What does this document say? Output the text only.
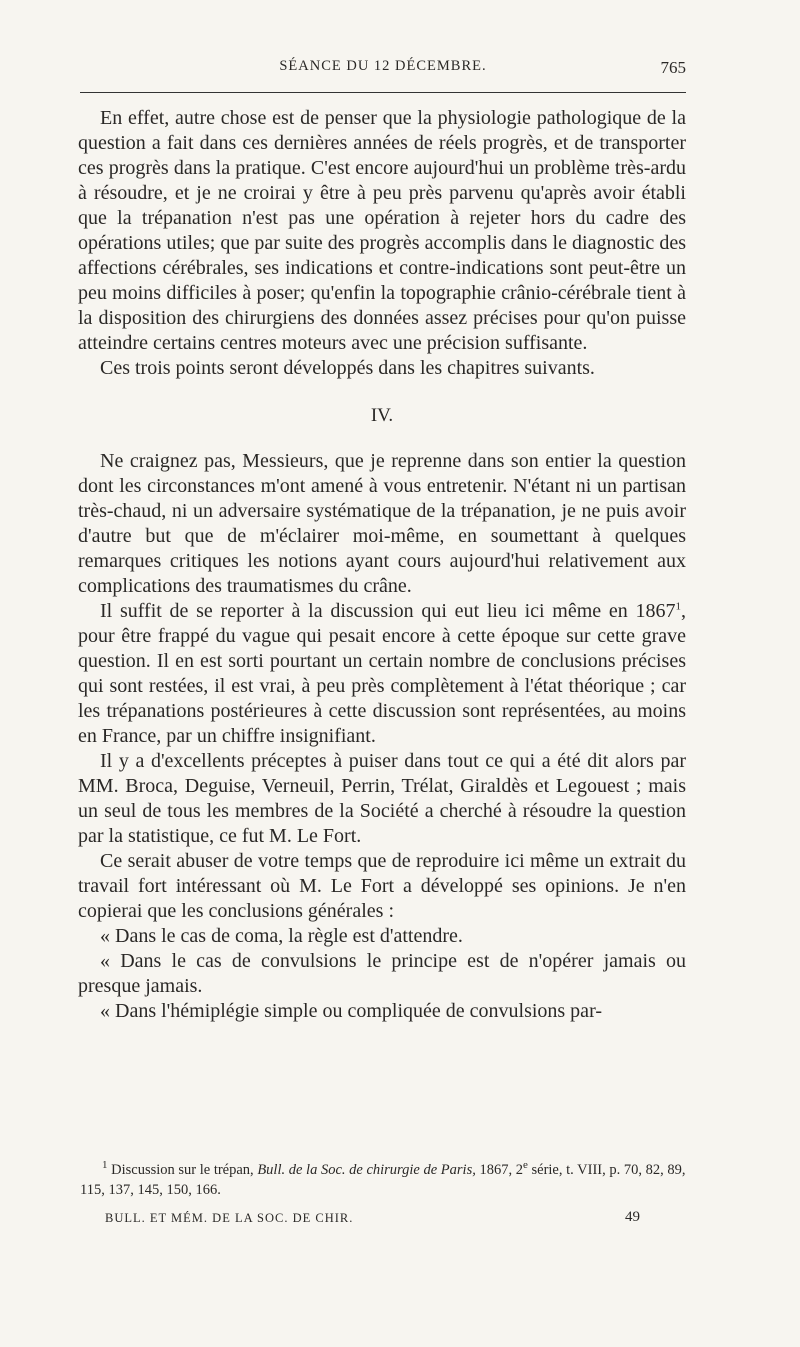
SÉANCE DU 12 DÉCEMBRE.	765

En effet, autre chose est de penser que la physiologie pathologique de la question a fait dans ces dernières années de réels progrès, et de transporter ces progrès dans la pratique. C'est encore aujourd'hui un problème très-ardu à résoudre, et je ne croirai y être à peu près parvenu qu'après avoir établi que la trépanation n'est pas une opération à rejeter hors du cadre des opérations utiles; que par suite des progrès accomplis dans le diagnostic des affections cérébrales, ses indications et contre-indications sont peut-être un peu moins difficiles à poser; qu'enfin la topographie crânio-cérébrale tient à la disposition des chirurgiens des données assez précises pour qu'on puisse atteindre certains centres moteurs avec une précision suffisante.

Ces trois points seront développés dans les chapitres suivants.

IV.

Ne craignez pas, Messieurs, que je reprenne dans son entier la question dont les circonstances m'ont amené à vous entretenir. N'étant ni un partisan très-chaud, ni un adversaire systématique de la trépanation, je ne puis avoir d'autre but que de m'éclairer moi-même, en soumettant à quelques remarques critiques les notions ayant cours aujourd'hui relativement aux complications des traumatismes du crâne.

Il suffit de se reporter à la discussion qui eut lieu ici même en 1867$^1$, pour être frappé du vague qui pesait encore à cette époque sur cette grave question. Il en est sorti pourtant un certain nombre de conclusions précises qui sont restées, il est vrai, à peu près complètement à l'état théorique ; car les trépanations postérieures à cette discussion sont représentées, au moins en France, par un chiffre insignifiant.

Il y a d'excellents préceptes à puiser dans tout ce qui a été dit alors par MM. Broca, Deguise, Verneuil, Perrin, Trélat, Giraldès et Legouest ; mais un seul de tous les membres de la Société a cherché à résoudre la question par la statistique, ce fut M. Le Fort.

Ce serait abuser de votre temps que de reproduire ici même un extrait du travail fort intéressant où M. Le Fort a développé ses opinions. Je n'en copierai que les conclusions générales :

« Dans le cas de coma, la règle est d'attendre.

« Dans le cas de convulsions le principe est de n'opérer jamais ou presque jamais.

« Dans l'hémiplégie simple ou compliquée de convulsions par-

$^1$ Discussion sur le trépan, Bull. de la Soc. de chirurgie de Paris, 1867, 2e série, t. VIII, p. 70, 82, 89, 115, 137, 145, 150, 166.

BULL. ET MÉM. DE LA SOC. DE CHIR.	49
